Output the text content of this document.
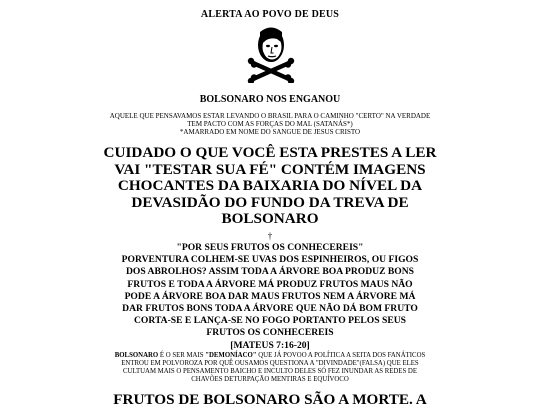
ALERTA AO POVO DE DEUS
BOLSONARO NOS ENGANOU
AQUELE QUE PENSAVAMOS ESTAR LEVANDO O BRASIL PARA O CAMINHO "CERTO" NA VERDADE
TEM PACTO COM AS FORÇAS DO MAL (SATANÁS*)
*AMARRADO EM NOME DO SANGUE DE JESUS CRISTO
CUIDADO O QUE VOCÊ ESTA PRESTES A LER
VAI "TESTAR SUA FÉ" CONTÉM IMAGENS
CHOCANTES DA BAIXARIA DO NÍVEL DA
DEVASIDÃO DO FUNDO DA TREVA DE
BOLSONARO
†
"POR SEUS FRUTOS OS CONHECEREIS"
PORVENTURA COLHEM-SE UVAS DOS ESPINHEIROS, OU FIGOS
DOS ABROLHOS? ASSIM TODA A ÁRVORE BOA PRODUZ BONS
FRUTOS E TODA A ÁRVORE MÁ PRODUZ FRUTOS MAUS NÃO
PODE A ÁRVORE BOA DAR MAUS FRUTOS NEM A ÁRVORE MÁ
DAR FRUTOS BONS TODA A ÁRVORE QUE NÃO DÁ BOM FRUTO
CORTA-SE E LANÇA-SE NO FOGO PORTANTO PELOS SEUS
FRUTOS OS CONHECEREIS
[MATEUS 7:16-20]
BOLSONARO É O SER MAIS "DEMONÍACO" QUE JÁ POVOO A POLÍTICA A SEITA DOS FANÁTICOS
ENTROU EM POLVOROZA POR QUÊ OUSAMOS QUESTIONA A "DIVINDADE"(FALSA) QUE ELES
CULTUAM MAIS O PENSAMENTO BAICHO E INCULTO DELES SÓ FEZ INUNDAR AS REDES DE
CHAVÕES DETURPAÇÃO MENTIRAS E EQUÍVOCO
FRUTOS DE BOLSONARO SÃO A MORTE. A
